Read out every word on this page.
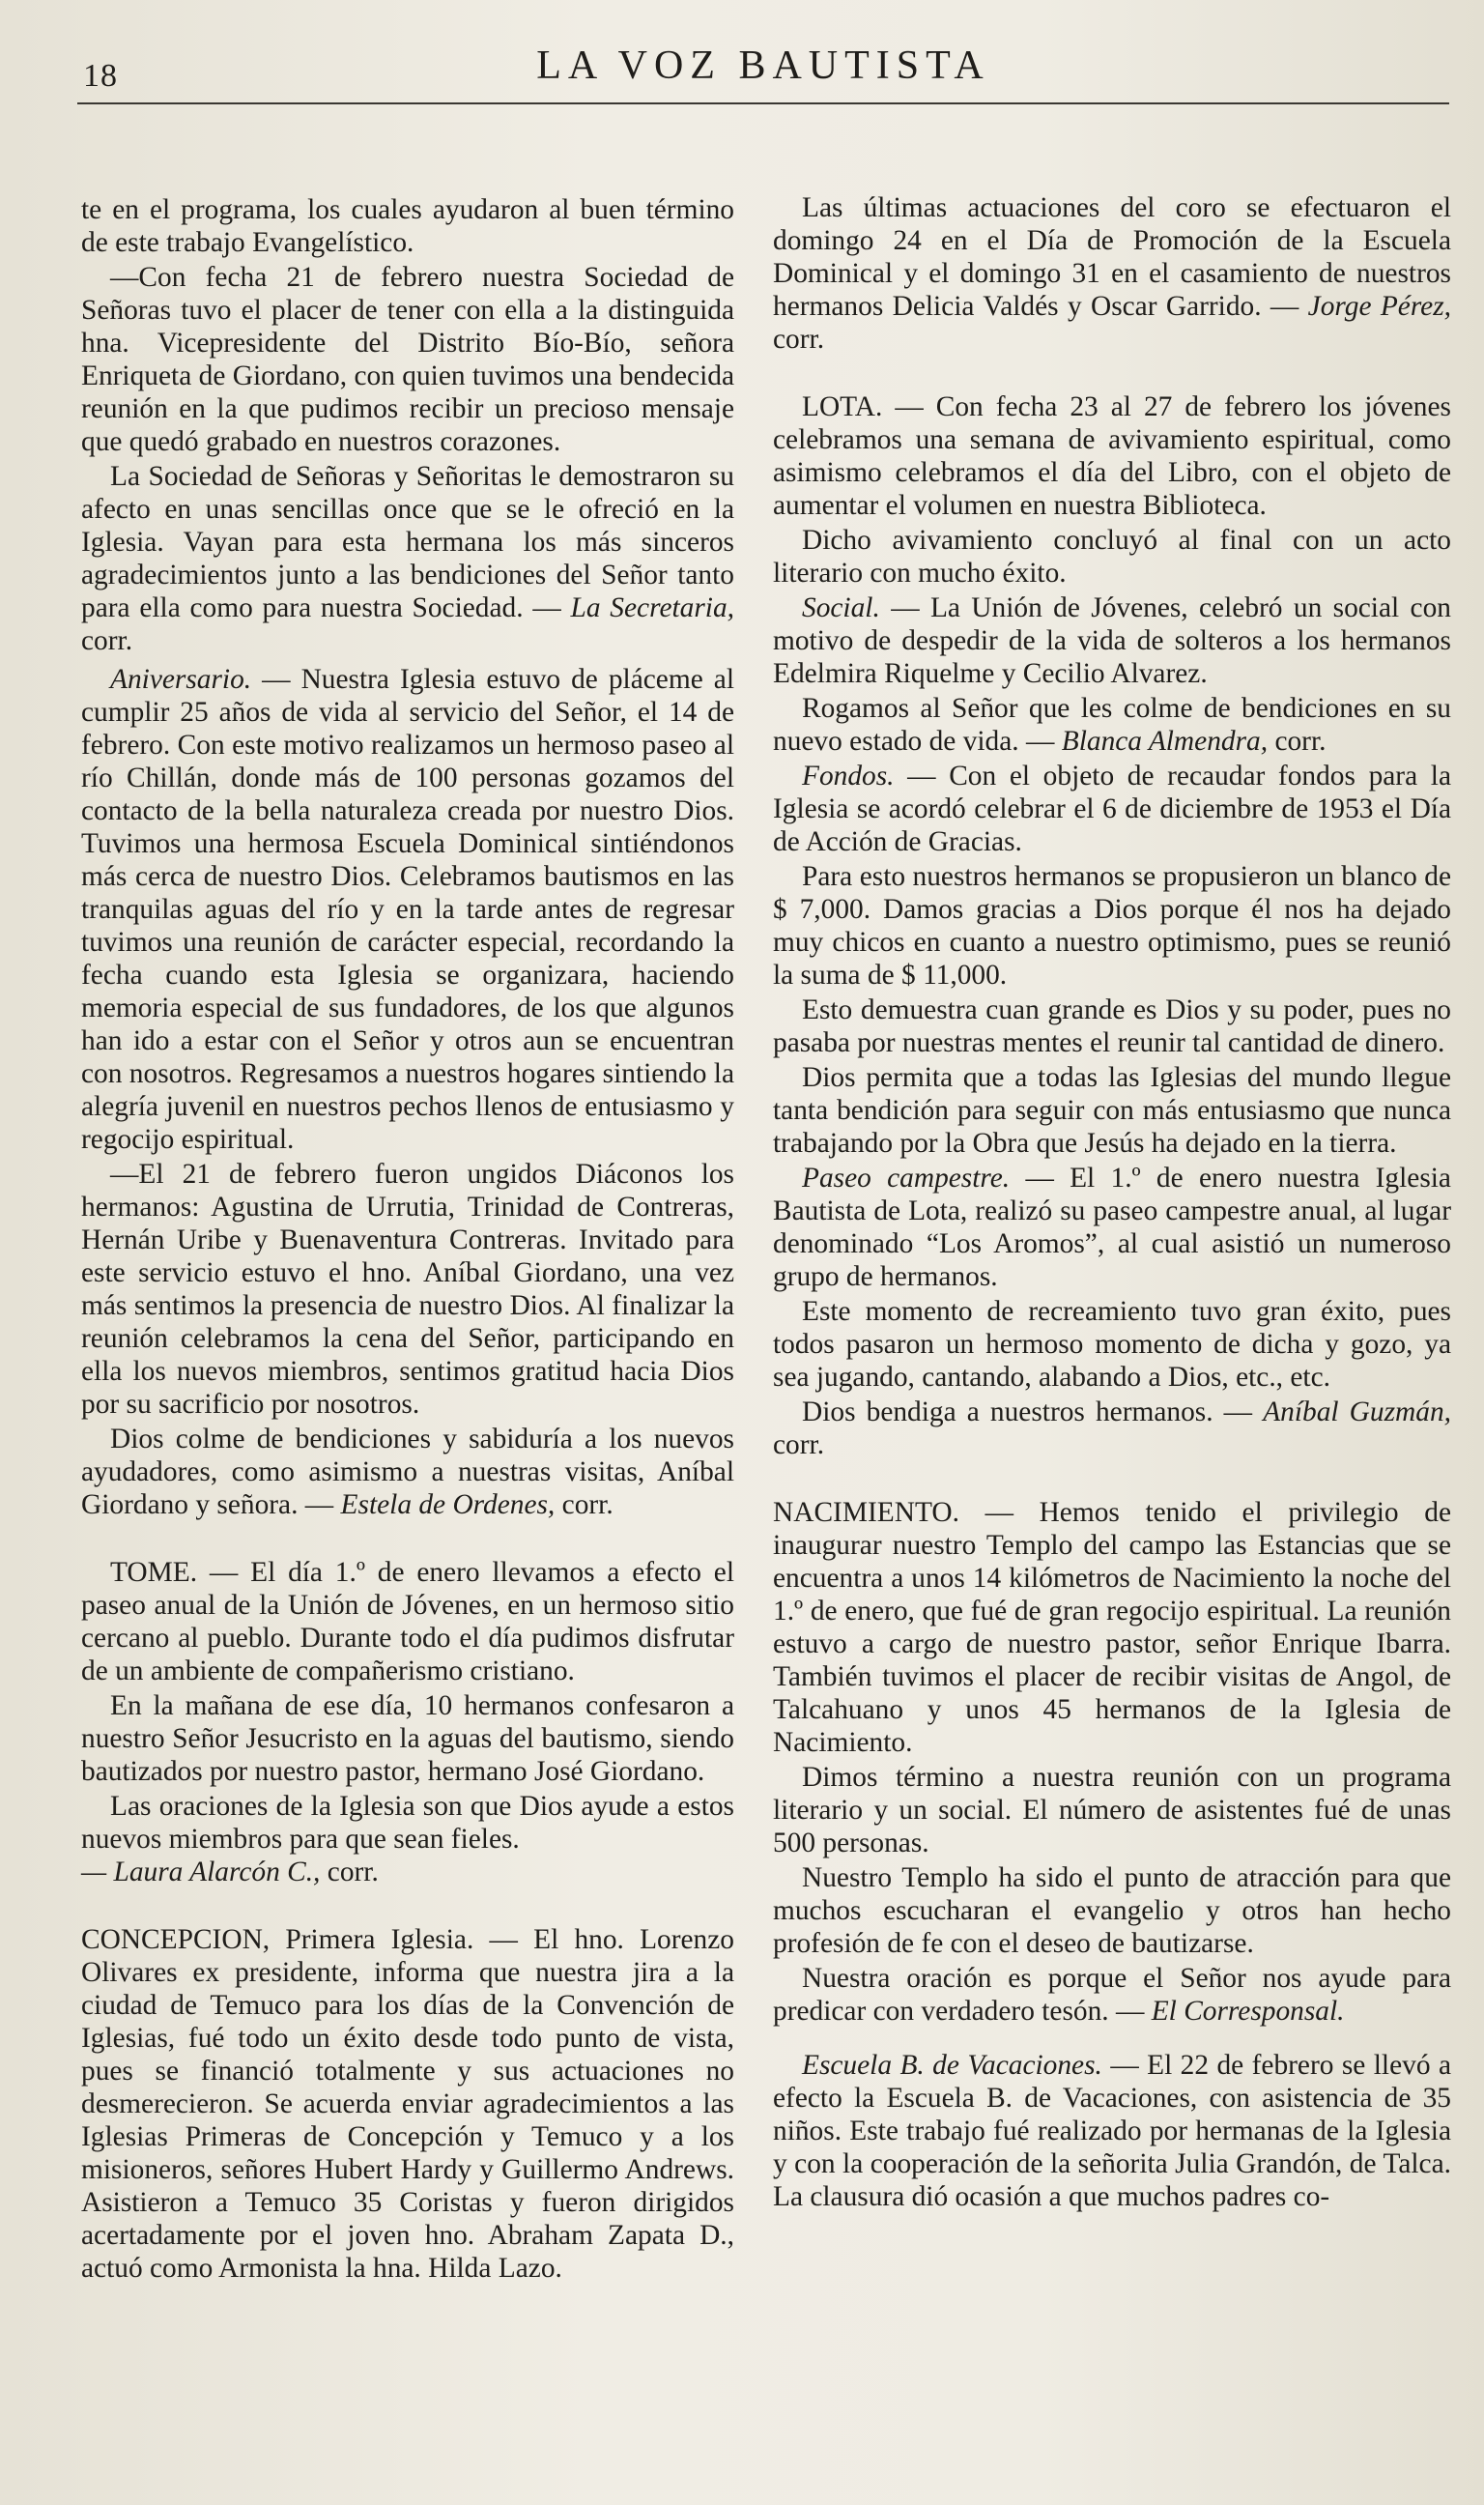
18	LA VOZ BAUTISTA

te en el programa, los cuales ayudaron al buen término de este trabajo Evangelístico.

—Con fecha 21 de febrero nuestra Sociedad de Señoras tuvo el placer de tener con ella a la distinguida hna. Vicepresidente del Distrito Bío-Bío, señora Enriqueta de Giordano, con quien tuvimos una bendecida reunión en la que pudimos recibir un precioso mensaje que quedó grabado en nuestros corazones.

La Sociedad de Señoras y Señoritas le demostraron su afecto en unas sencillas once que se le ofreció en la Iglesia. Vayan para esta hermana los más sinceros agradecimientos junto a las bendiciones del Señor tanto para ella como para nuestra Sociedad. — La Secretaria, corr.

Aniversario. — Nuestra Iglesia estuvo de pláceme al cumplir 25 años de vida al servicio del Señor, el 14 de febrero. Con este motivo realizamos un hermoso paseo al río Chillán, donde más de 100 personas gozamos del contacto de la bella naturaleza creada por nuestro Dios. Tuvimos una hermosa Escuela Dominical sintiéndonos más cerca de nuestro Dios. Celebramos bautismos en las tranquilas aguas del río y en la tarde antes de regresar tuvimos una reunión de carácter especial, recordando la fecha cuando esta Iglesia se organizara, haciendo memoria especial de sus fundadores, de los que algunos han ido a estar con el Señor y otros aun se encuentran con nosotros. Regresamos a nuestros hogares sintiendo la alegría juvenil en nuestros pechos llenos de entusiasmo y regocijo espiritual.

—El 21 de febrero fueron ungidos Diáconos los hermanos: Agustina de Urrutia, Trinidad de Contreras, Hernán Uribe y Buenaventura Contreras. Invitado para este servicio estuvo el hno. Aníbal Giordano, una vez más sentimos la presencia de nuestro Dios. Al finalizar la reunión celebramos la cena del Señor, participando en ella los nuevos miembros, sentimos gratitud hacia Dios por su sacrificio por nosotros.

Dios colme de bendiciones y sabiduría a los nuevos ayudadores, como asimismo a nuestras visitas, Aníbal Giordano y señora. — Estela de Ordenes, corr.

TOME. — El día 1.º de enero llevamos a efecto el paseo anual de la Unión de Jóvenes, en un hermoso sitio cercano al pueblo. Durante todo el día pudimos disfrutar de un ambiente de compañerismo cristiano.

En la mañana de ese día, 10 hermanos confesaron a nuestro Señor Jesucristo en la aguas del bautismo, siendo bautizados por nuestro pastor, hermano José Giordano.

Las oraciones de la Iglesia son que Dios ayude a estos nuevos miembros para que sean fieles.
— Laura Alarcón C., corr.

CONCEPCION, Primera Iglesia. — El hno. Lorenzo Olivares ex presidente, informa que nuestra jira a la ciudad de Temuco para los días de la Convención de Iglesias, fué todo un éxito desde todo punto de vista, pues se financió totalmente y sus actuaciones no desmerecieron. Se acuerda enviar agradecimientos a las Iglesias Primeras de Concepción y Temuco y a los misioneros, señores Hubert Hardy y Guillermo Andrews. Asistieron a Temuco 35 Coristas y fueron dirigidos acertadamente por el joven hno. Abraham Zapata D., actuó como Armonista la hna. Hilda Lazo.

Las últimas actuaciones del coro se efectuaron el domingo 24 en el Día de Promoción de la Escuela Dominical y el domingo 31 en el casamiento de nuestros hermanos Delicia Valdés y Oscar Garrido. — Jorge Pérez, corr.

LOTA. — Con fecha 23 al 27 de febrero los jóvenes celebramos una semana de avivamiento espiritual, como asimismo celebramos el día del Libro, con el objeto de aumentar el volumen en nuestra Biblioteca.

Dicho avivamiento concluyó al final con un acto literario con mucho éxito.

Social. — La Unión de Jóvenes, celebró un social con motivo de despedir de la vida de solteros a los hermanos Edelmira Riquelme y Cecilio Alvarez.

Rogamos al Señor que les colme de bendiciones en su nuevo estado de vida. — Blanca Almendra, corr.

Fondos. — Con el objeto de recaudar fondos para la Iglesia se acordó celebrar el 6 de diciembre de 1953 el Día de Acción de Gracias.

Para esto nuestros hermanos se propusieron un blanco de $ 7,000. Damos gracias a Dios porque él nos ha dejado muy chicos en cuanto a nuestro optimismo, pues se reunió la suma de $ 11,000.

Esto demuestra cuan grande es Dios y su poder, pues no pasaba por nuestras mentes el reunir tal cantidad de dinero.

Dios permita que a todas las Iglesias del mundo llegue tanta bendición para seguir con más entusiasmo que nunca trabajando por la Obra que Jesús ha dejado en la tierra.

Paseo campestre. — El 1.º de enero nuestra Iglesia Bautista de Lota, realizó su paseo campestre anual, al lugar denominado “Los Aromos”, al cual asistió un numeroso grupo de hermanos.

Este momento de recreamiento tuvo gran éxito, pues todos pasaron un hermoso momento de dicha y gozo, ya sea jugando, cantando, alabando a Dios, etc., etc.

Dios bendiga a nuestros hermanos. — Aníbal Guzmán, corr.

NACIMIENTO. — Hemos tenido el privilegio de inaugurar nuestro Templo del campo las Estancias que se encuentra a unos 14 kilómetros de Nacimiento la noche del 1.º de enero, que fué de gran regocijo espiritual. La reunión estuvo a cargo de nuestro pastor, señor Enrique Ibarra. También tuvimos el placer de recibir visitas de Angol, de Talcahuano y unos 45 hermanos de la Iglesia de Nacimiento.

Dimos término a nuestra reunión con un programa literario y un social. El número de asistentes fué de unas 500 personas.

Nuestro Templo ha sido el punto de atracción para que muchos escucharan el evangelio y otros han hecho profesión de fe con el deseo de bautizarse.

Nuestra oración es porque el Señor nos ayude para predicar con verdadero tesón. — El Corresponsal.

Escuela B. de Vacaciones. — El 22 de febrero se llevó a efecto la Escuela B. de Vacaciones, con asistencia de 35 niños. Este trabajo fué realizado por hermanas de la Iglesia y con la cooperación de la señorita Julia Grandón, de Talca. La clausura dió ocasión a que muchos padres co-
